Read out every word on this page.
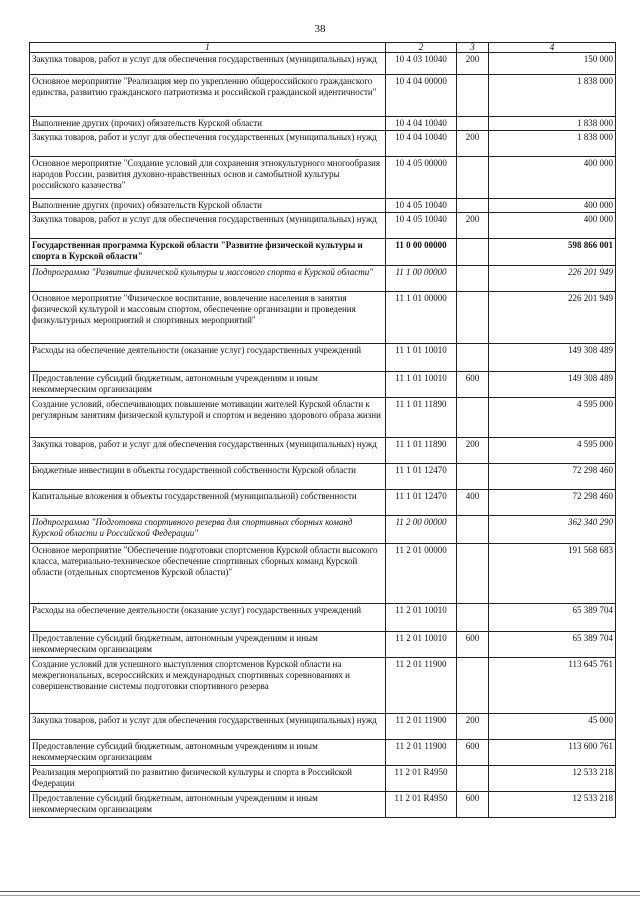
38
1	2	3	4
Закупка товаров, работ и услуг для обеспечения государственных (муниципальных) нужд	10 4 03 10040	200	150 000
Основное мероприятие "Реализация мер по укреплению общероссийского гражданского единства, развитию гражданского патриотизма и российской гражданской идентичности"	10 4 04 00000		1 838 000
Выполнение других (прочих) обязательств Курской области	10 4 04 10040		1 838 000
Закупка товаров, работ и услуг для обеспечения государственных (муниципальных) нужд	10 4 04 10040	200	1 838 000
Основное мероприятие "Создание условий для сохранения этнокультурного многообразия народов России, развития духовно-нравственных основ и самобытной культуры российского казачества"	10 4 05 00000		400 000
Выполнение других (прочих) обязательств Курской области	10 4 05 10040		400 000
Закупка товаров, работ и услуг для обеспечения государственных (муниципальных) нужд	10 4 05 10040	200	400 000
Государственная программа Курской области "Развитие физической культуры и спорта в Курской области"	11 0 00 00000		598 866 001
Подпрограмма "Развитие физической культуры и массового спорта в Курской области"	11 1 00 00000		226 201 949
Основное мероприятие "Физическое воспитание, вовлечение населения в занятия физической культурой и массовым спортом, обеспечение организации и проведения физкультурных мероприятий и спортивных мероприятий"	11 1 01 00000		226 201 949
Расходы на обеспечение деятельности (оказание услуг) государственных учреждений	11 1 01 10010		149 308 489
Предоставление субсидий бюджетным, автономным учреждениям и иным некоммерческим организациям	11 1 01 10010	600	149 308 489
Создание условий, обеспечивающих повышение мотивации жителей Курской области к регулярным занятиям физической культурой и спортом и ведению здорового образа жизни	11 1 01 11890		4 595 000
Закупка товаров, работ и услуг для обеспечения государственных (муниципальных) нужд	11 1 01 11890	200	4 595 000
Бюджетные инвестиции в объекты государственной собственности Курской области	11 1 01 12470		72 298 460
Капитальные вложения в объекты государственной (муниципальной) собственности	11 1 01 12470	400	72 298 460
Подпрограмма "Подготовка спортивного резерва для спортивных сборных команд Курской области и Российской Федерации"	11 2 00 00000		362 340 290
Основное мероприятие "Обеспечение подготовки спортсменов Курской области высокого класса, материально-техническое обеспечение спортивных сборных команд Курской области (отдельных спортсменов Курской области)"	11 2 01 00000		191 568 683
Расходы на обеспечение деятельности (оказание услуг) государственных учреждений	11 2 01 10010		65 389 704
Предоставление субсидий бюджетным, автономным учреждениям и иным некоммерческим организациям	11 2 01 10010	600	65 389 704
Создание условий для успешного выступления спортсменов Курской области на межрегиональных, всероссийских и международных спортивных соревнованиях и совершенствование системы подготовки спортивного резерва	11 2 01 11900		113 645 761
Закупка товаров, работ и услуг для обеспечения государственных (муниципальных) нужд	11 2 01 11900	200	45 000
Предоставление субсидий бюджетным, автономным учреждениям и иным некоммерческим организациям	11 2 01 11900	600	113 600 761
Реализация мероприятий по развитию физической культуры и спорта в Российской Федерации	11 2 01 R4950		12 533 218
Предоставление субсидий бюджетным, автономным учреждениям и иным некоммерческим организациям	11 2 01 R4950	600	12 533 218
